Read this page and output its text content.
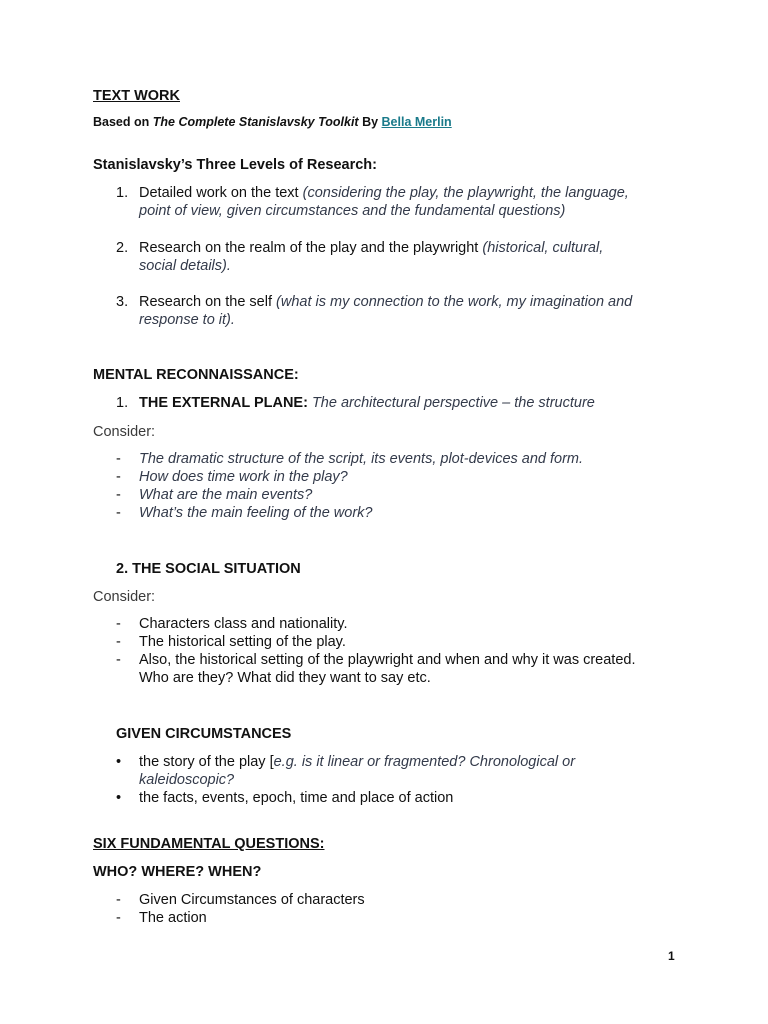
TEXT WORK
Based on The Complete Stanislavsky Toolkit By Bella Merlin
Stanislavsky’s Three Levels of Research:
1. Detailed work on the text (considering the play, the playwright, the language,
point of view, given circumstances and the fundamental questions)
2. Research on the realm of the play and the playwright (historical, cultural,
social details).
3. Research on the self (what is my connection to the work, my imagination and
response to it).
MENTAL RECONNAISSANCE:
1. THE EXTERNAL PLANE: The architectural perspective – the structure
Consider:
- The dramatic structure of the script, its events, plot-devices and form.
- How does time work in the play?
- What are the main events?
- What’s the main feeling of the work?
2. THE SOCIAL SITUATION
Consider:
- Characters class and nationality.
- The historical setting of the play.
- Also, the historical setting of the playwright and when and why it was created.
Who are they? What did they want to say etc.
GIVEN CIRCUMSTANCES
• the story of the play [e.g. is it linear or fragmented? Chronological or
kaleidoscopic?
• the facts, events, epoch, time and place of action
SIX FUNDAMENTAL QUESTIONS:
WHO? WHERE? WHEN?
- Given Circumstances of characters
- The action
1
